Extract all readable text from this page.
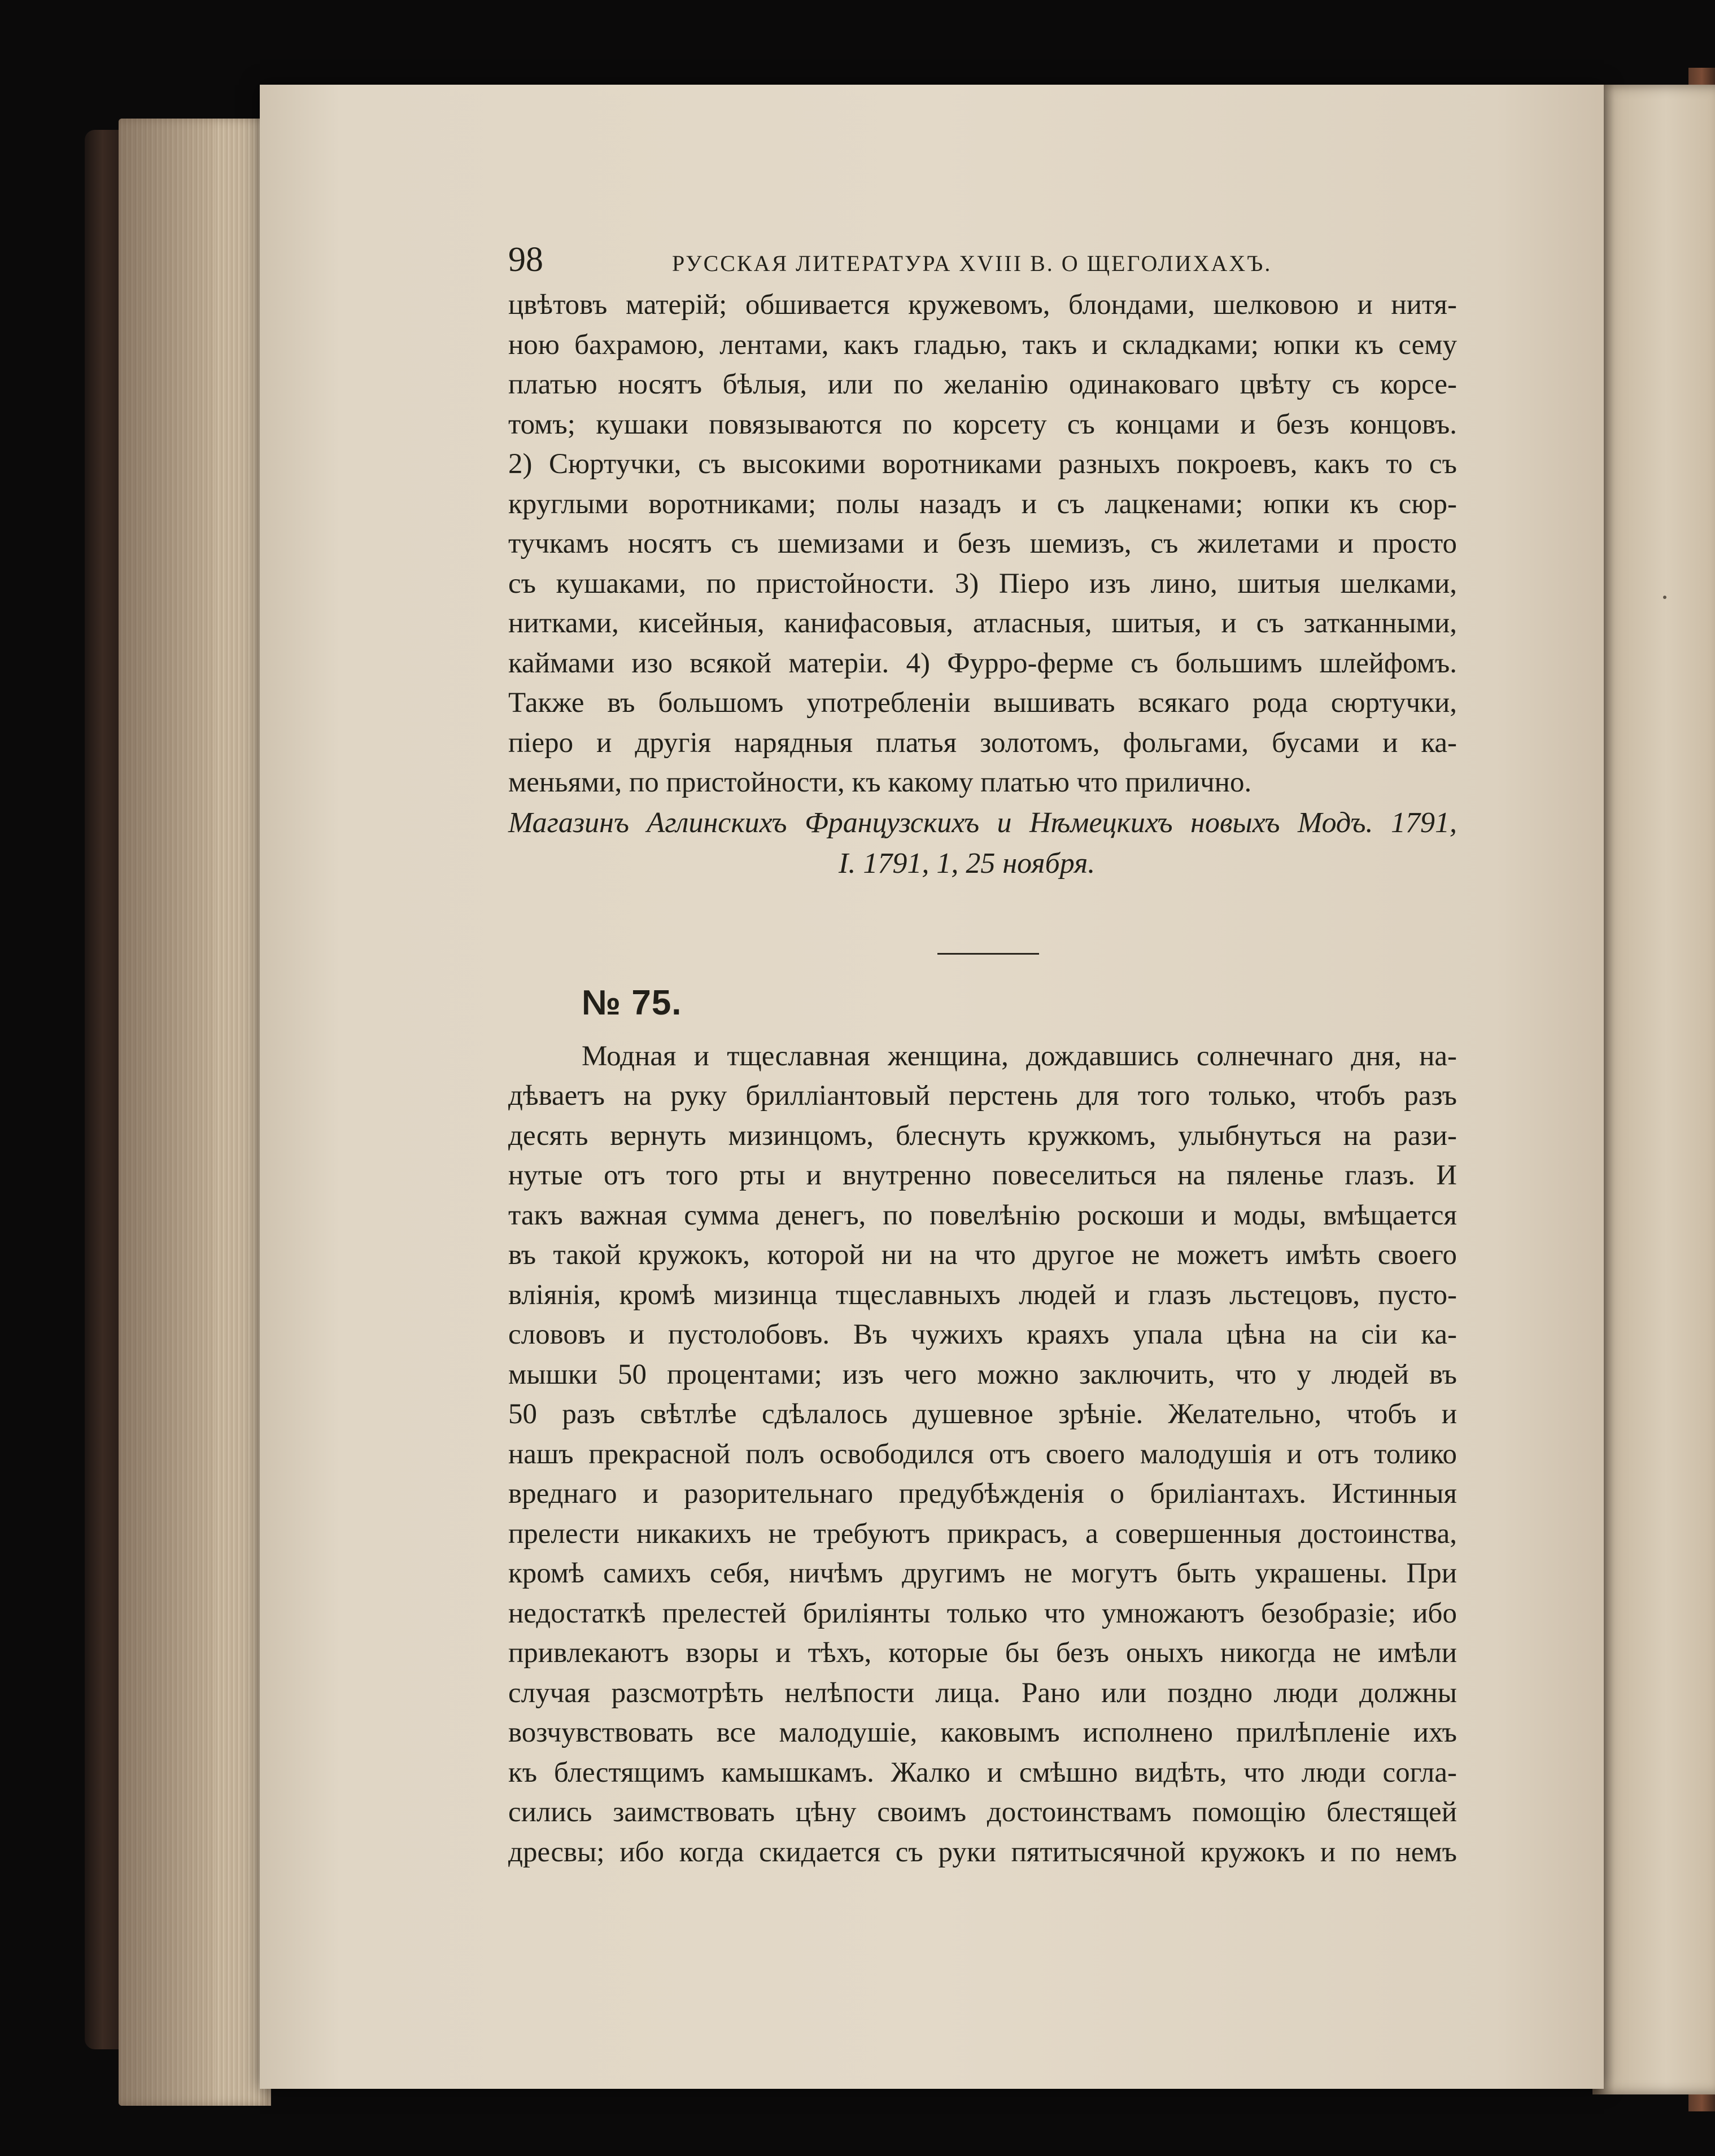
98	РУССКАЯ ЛИТЕРАТУРА XVIII В. О ЩЕГОЛИХАХЪ.

цвѣтовъ матерій; обшивается кружевомъ, блондами, шелковою и нитя-

ною бахрамою, лентами, какъ гладью, такъ и складками; юпки къ сему

платью носятъ бѣлыя, или по желанію одинаковаго цвѣту съ корсе-

томъ; кушаки повязываются по корсету съ концами и безъ концовъ.

2) Сюртучки, съ высокими воротниками разныхъ покроевъ, какъ то съ

круглыми воротниками; полы назадъ и съ лацкенами; юпки къ сюр-

тучкамъ носятъ съ шемизами и безъ шемизъ, съ жилетами и просто

съ кушаками, по пристойности. 3) Піеро изъ лино, шитыя шелками,

нитками, кисейныя, канифасовыя, атласныя, шитыя, и съ затканными,

каймами изо всякой матеріи. 4) Фурро-ферме съ большимъ шлейфомъ.

Также въ большомъ употребленіи вышивать всякаго рода сюртучки,

піеро и другія нарядныя платья золотомъ, фольгами, бусами и ка-

меньями, по пристойности, къ какому платью что прилично.

Магазинъ Аглинскихъ Французскихъ и Нѣмецкихъ новыхъ Модъ. 1791,

I. 1791, 1, 25 ноября.

№ 75.

Модная и тщеславная женщина, дождавшись солнечнаго дня, на-

дѣваетъ на руку брилліантовый перстень для того только, чтобъ разъ

десять вернуть мизинцомъ, блеснуть кружкомъ, улыбнуться на рази-

нутые отъ того рты и внутренно повеселиться на пяленье глазъ. И

такъ важная сумма денегъ, по повелѣнію роскоши и моды, вмѣщается

въ такой кружокъ, которой ни на что другое не можетъ имѣть своего

вліянія, кромѣ мизинца тщеславныхъ людей и глазъ льстецовъ, пусто-

слововъ и пустолобовъ. Въ чужихъ краяхъ упала цѣна на сіи ка-

мышки 50 процентами; изъ чего можно заключить, что у людей въ

50 разъ свѣтлѣе сдѣлалось душевное зрѣніе. Желательно, чтобъ и

нашъ прекрасной полъ освободился отъ своего малодушія и отъ толико

вреднаго и разорительнаго предубѣжденія о бриліантахъ. Истинныя

прелести никакихъ не требуютъ прикрасъ, а совершенныя достоинства,

кромѣ самихъ себя, ничѣмъ другимъ не могутъ быть украшены. При

недостаткѣ прелестей бриліянты только что умножаютъ безобразіе; ибо

привлекаютъ взоры и тѣхъ, которые бы безъ оныхъ никогда не имѣли

случая разсмотрѣть нелѣпости лица. Рано или поздно люди должны

возчувствовать все малодушіе, каковымъ исполнено прилѣпленіе ихъ

къ блестящимъ камышкамъ. Жалко и смѣшно видѣть, что люди согла-

сились заимствовать цѣну своимъ достоинствамъ помощію блестящей

дресвы; ибо когда скидается съ руки пятитысячной кружокъ и по немъ
